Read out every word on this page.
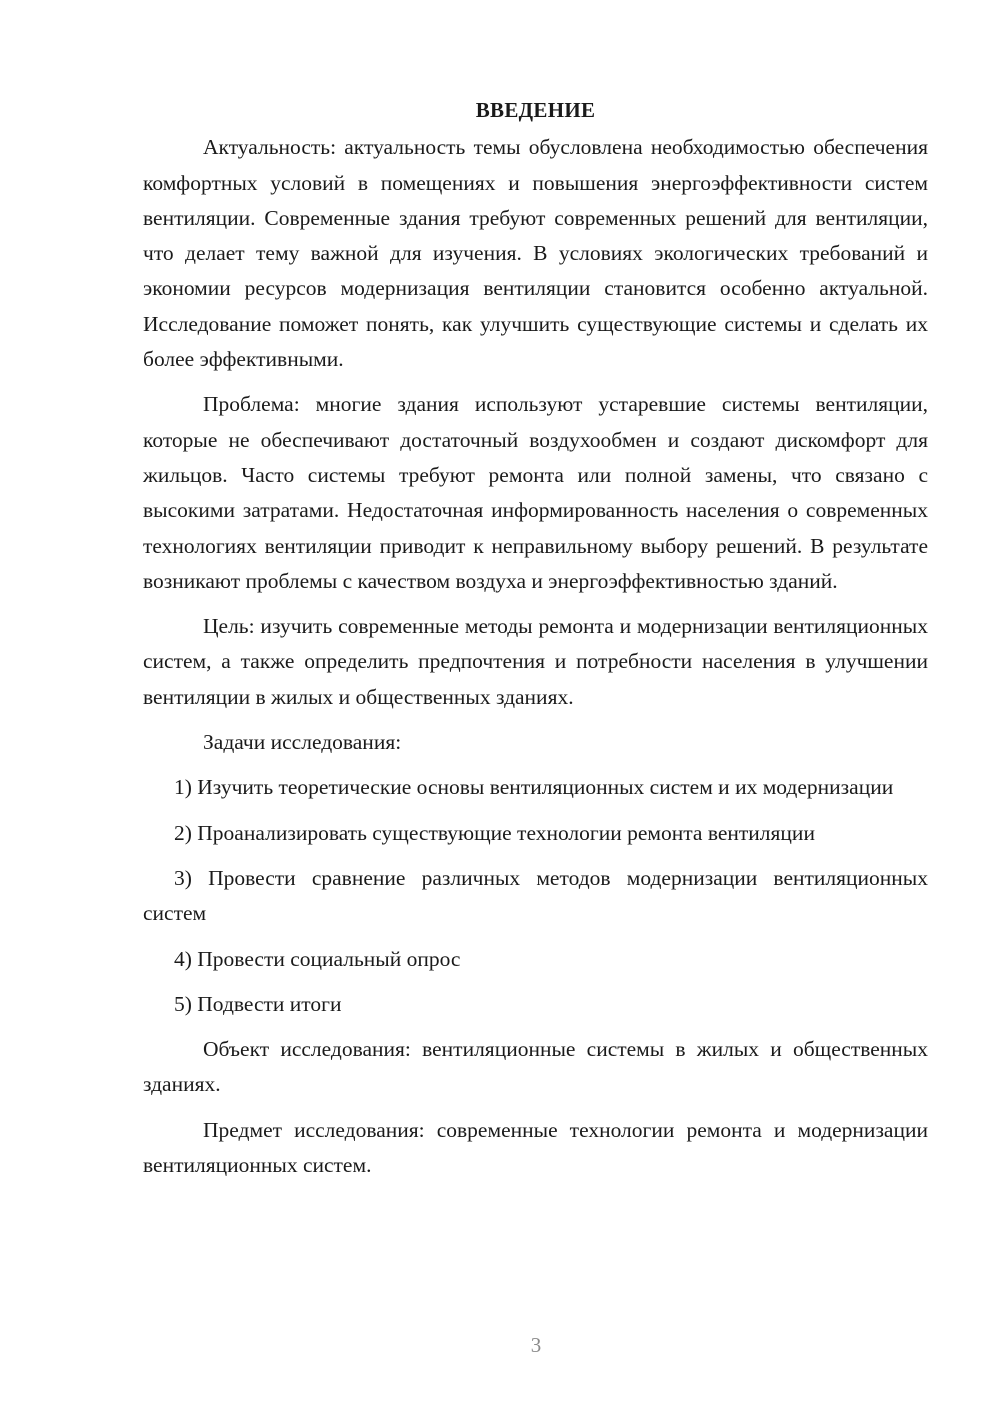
ВВЕДЕНИЕ

Актуальность: актуальность темы обусловлена необходимостью обеспечения комфортных условий в помещениях и повышения энергоэффективности систем вентиляции. Современные здания требуют современных решений для вентиляции, что делает тему важной для изучения. В условиях экологических требований и экономии ресурсов модернизация вентиляции становится особенно актуальной. Исследование поможет понять, как улучшить существующие системы и сделать их более эффективными.

Проблема: многие здания используют устаревшие системы вентиляции, которые не обеспечивают достаточный воздухообмен и создают дискомфорт для жильцов. Часто системы требуют ремонта или полной замены, что связано с высокими затратами. Недостаточная информированность населения о современных технологиях вентиляции приводит к неправильному выбору решений. В результате возникают проблемы с качеством воздуха и энергоэффективностью зданий.

Цель: изучить современные методы ремонта и модернизации вентиляционных систем, а также определить предпочтения и потребности населения в улучшении вентиляции в жилых и общественных зданиях.

Задачи исследования:

1) Изучить теоретические основы вентиляционных систем и их модернизации

2) Проанализировать существующие технологии ремонта вентиляции

3) Провести сравнение различных методов модернизации вентиляционных систем

4) Провести социальный опрос

5) Подвести итоги

Объект исследования: вентиляционные системы в жилых и общественных зданиях.

Предмет исследования: современные технологии ремонта и модернизации вентиляционных систем.

3
